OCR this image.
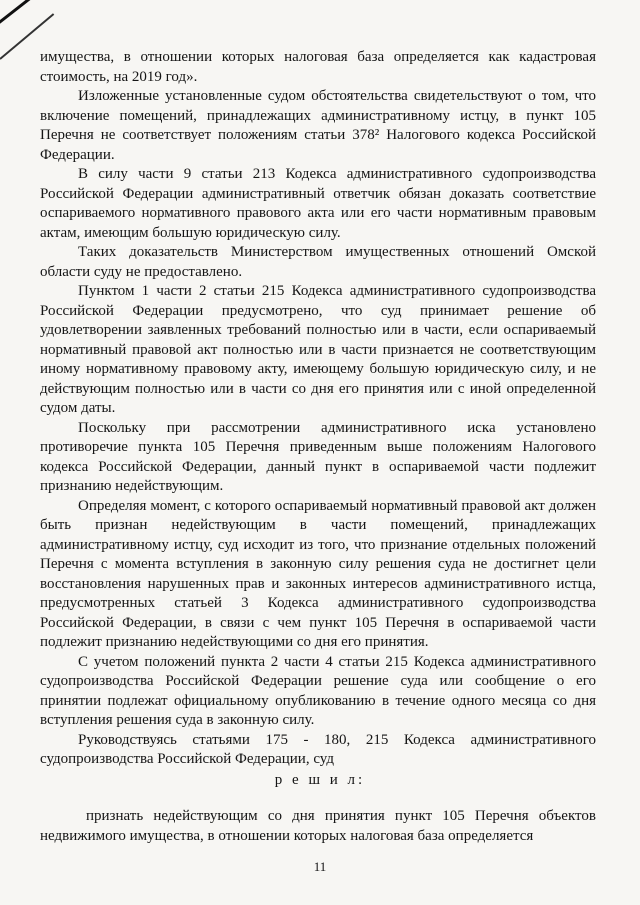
имущества, в отношении которых налоговая база определяется как кадастровая стоимость, на 2019 год».

Изложенные установленные судом обстоятельства свидетельствуют о том, что включение помещений, принадлежащих административному истцу, в пункт 105 Перечня не соответствует положениям статьи 378² Налогового кодекса Российской Федерации.

В силу части 9 статьи 213 Кодекса административного судопроизводства Российской Федерации административный ответчик обязан доказать соответствие оспариваемого нормативного правового акта или его части нормативным правовым актам, имеющим большую юридическую силу.

Таких доказательств Министерством имущественных отношений Омской области суду не предоставлено.

Пунктом 1 части 2 статьи 215 Кодекса административного судопроизводства Российской Федерации предусмотрено, что суд принимает решение об удовлетворении заявленных требований полностью или в части, если оспариваемый нормативный правовой акт полностью или в части признается не соответствующим иному нормативному правовому акту, имеющему большую юридическую силу, и не действующим полностью или в части со дня его принятия или с иной определенной судом даты.

Поскольку при рассмотрении административного иска установлено противоречие пункта 105 Перечня приведенным выше положениям Налогового кодекса Российской Федерации, данный пункт в оспариваемой части подлежит признанию недействующим.

Определяя момент, с которого оспариваемый нормативный правовой акт должен быть признан недействующим в части помещений, принадлежащих административному истцу, суд исходит из того, что признание отдельных положений Перечня с момента вступления в законную силу решения суда не достигнет цели восстановления нарушенных прав и законных интересов административного истца, предусмотренных статьей 3 Кодекса административного судопроизводства Российской Федерации, в связи с чем пункт 105 Перечня в оспариваемой части подлежит признанию недействующими со дня его принятия.

С учетом положений пункта 2 части 4 статьи 215 Кодекса административного судопроизводства Российской Федерации решение суда или сообщение о его принятии подлежат официальному опубликованию в течение одного месяца со дня вступления решения суда в законную силу.

Руководствуясь статьями 175 - 180, 215 Кодекса административного судопроизводства Российской Федерации, суд

р е ш и л:

признать недействующим со дня принятия пункт 105 Перечня объектов недвижимого имущества, в отношении которых налоговая база определяется

11
